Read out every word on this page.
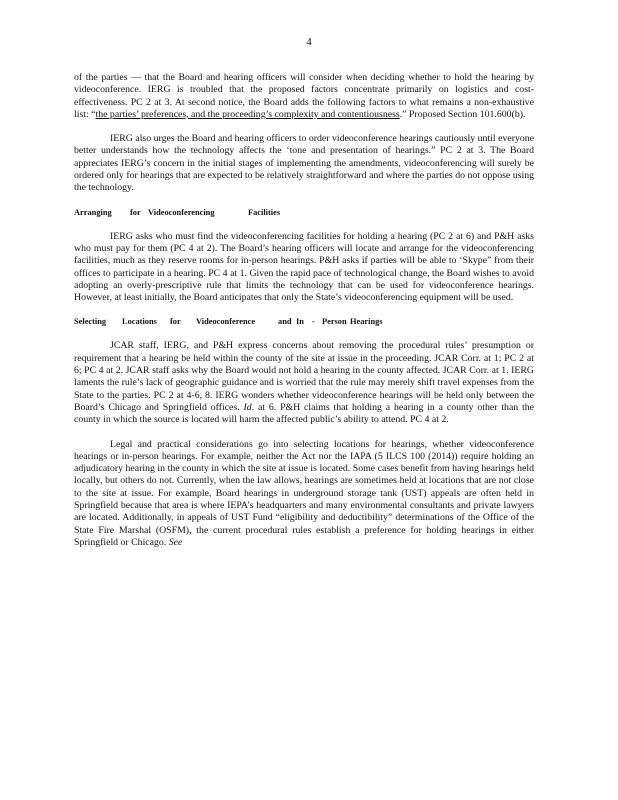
4

of the parties — that the Board and hearing officers will consider when deciding whether to hold the hearing by videoconference. IERG is troubled that the proposed factors concentrate primarily on logistics and cost-effectiveness. PC 2 at 3. At second notice, the Board adds the following factors to what remains a non-exhaustive list: “the parties’ preferences, and the proceeding’s complexity and contentiousness.” Proposed Section 101.600(b).

IERG also urges the Board and hearing officers to order videoconference hearings cautiously until everyone better understands how the technology affects the ‘tone and presentation of hearings.” PC 2 at 3. The Board appreciates IERG’s concern in the initial stages of implementing the amendments, videoconferencing will surely be ordered only for hearings that are expected to be relatively straightforward and where the parties do not oppose using the technology.

Arranging for Videoconferencing	Facilities

IERG asks who must find the videoconferencing facilities for holding a hearing (PC 2 at 6) and P&H asks who must pay for them (PC 4 at 2). The Board’s hearing officers will locate and arrange for the videoconferencing facilities, much as they reserve rooms for in-person hearings. P&H asks if parties will be able to ‘Skype” from their offices to participate in a hearing. PC 4 at 1. Given the rapid pace of technological change, the Board wishes to avoid adopting an overly-prescriptive rule that limits the technology that can be used for videoconference hearings. However, at least initially, the Board anticipates that only the State’s videoconferencing equipment will be used.

Selecting Locations for Videoconference	and In - Person Hearings

JCAR staff, IERG, and P&H express concerns about removing the procedural rules’ presumption or requirement that a hearing be held within the county of the site at issue in the proceeding. JCAR Corr. at 1; PC 2 at 6; PC 4 at 2. JCAR staff asks why the Board would not hold a hearing in the county affected. JCAR Corr. at 1. IERG laments the rule’s lack of geographic guidance and is worried that the rule may merely shift travel expenses from the State to the parties. PC 2 at 4-6, 8. IERG wonders whether videoconference hearings will be held only between the Board’s Chicago and Springfield offices. Id. at 6. P&H claims that holding a hearing in a county other than the county in which the source is located will harm the affected public’s ability to attend. PC 4 at 2.

Legal and practical considerations go into selecting locations for hearings, whether videoconference hearings or in-person hearings. For example, neither the Act nor the IAPA (5 ILCS 100 (2014)) require holding an adjudicatory hearing in the county in which the site at issue is located. Some cases benefit from having hearings held locally, but others do not. Currently, when the law allows, hearings are sometimes held at locations that are not close to the site at issue. For example, Board hearings in underground storage tank (UST) appeals are often held in Springfield because that area is where IEPA’s headquarters and many environmental consultants and private lawyers are located. Additionally, in appeals of UST Fund “eligibility and deductibility” determinations of the Office of the State Fire Marshal (OSFM), the current procedural rules establish a preference for holding hearings in either Springfield or Chicago. See
